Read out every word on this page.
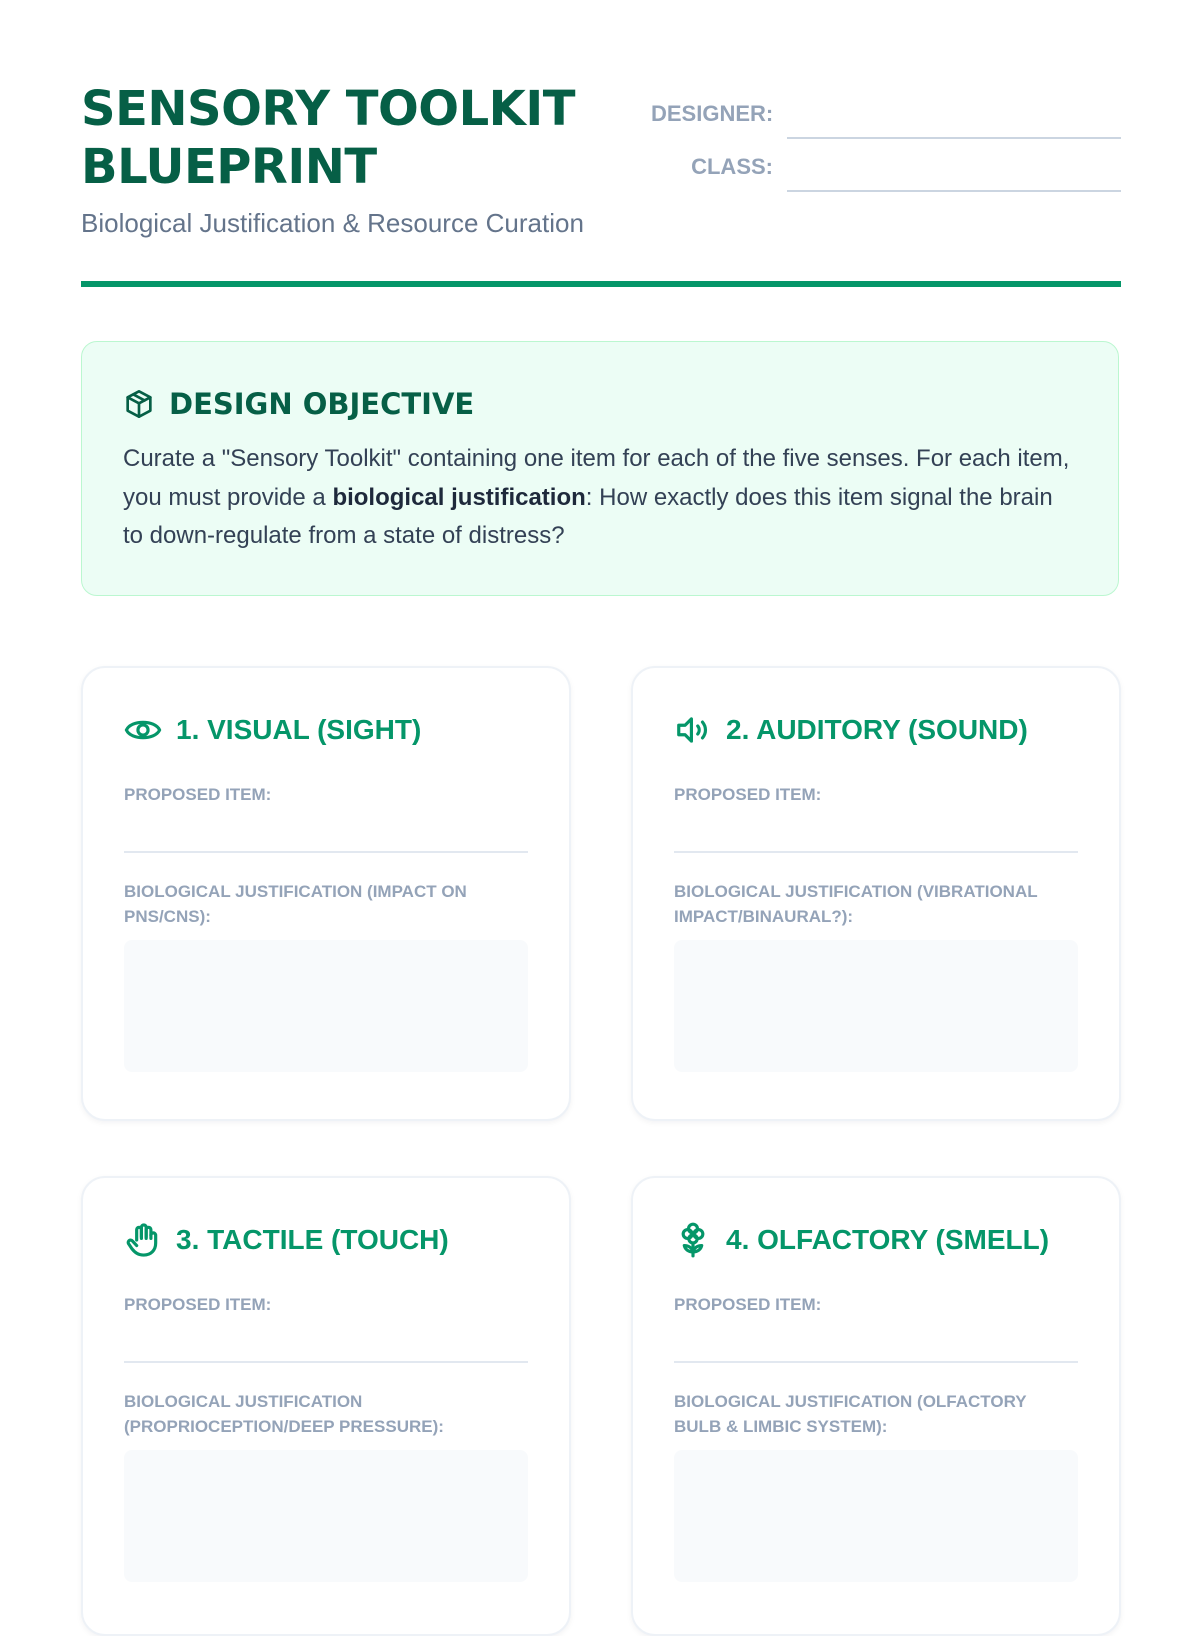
SENSORY TOOLKIT BLUEPRINT
Biological Justification & Resource Curation
DESIGNER:
CLASS:
DESIGN OBJECTIVE
Curate a "Sensory Toolkit" containing one item for each of the five senses. For each item, you must provide a biological justification: How exactly does this item signal the brain to down-regulate from a state of distress?
1. VISUAL (SIGHT)
PROPOSED ITEM:
BIOLOGICAL JUSTIFICATION (IMPACT ON PNS/CNS):
2. AUDITORY (SOUND)
PROPOSED ITEM:
BIOLOGICAL JUSTIFICATION (VIBRATIONAL IMPACT/BINAURAL?):
3. TACTILE (TOUCH)
PROPOSED ITEM:
BIOLOGICAL JUSTIFICATION (PROPRIOCEPTION/DEEP PRESSURE):
4. OLFACTORY (SMELL)
PROPOSED ITEM:
BIOLOGICAL JUSTIFICATION (OLFACTORY BULB & LIMBIC SYSTEM):
